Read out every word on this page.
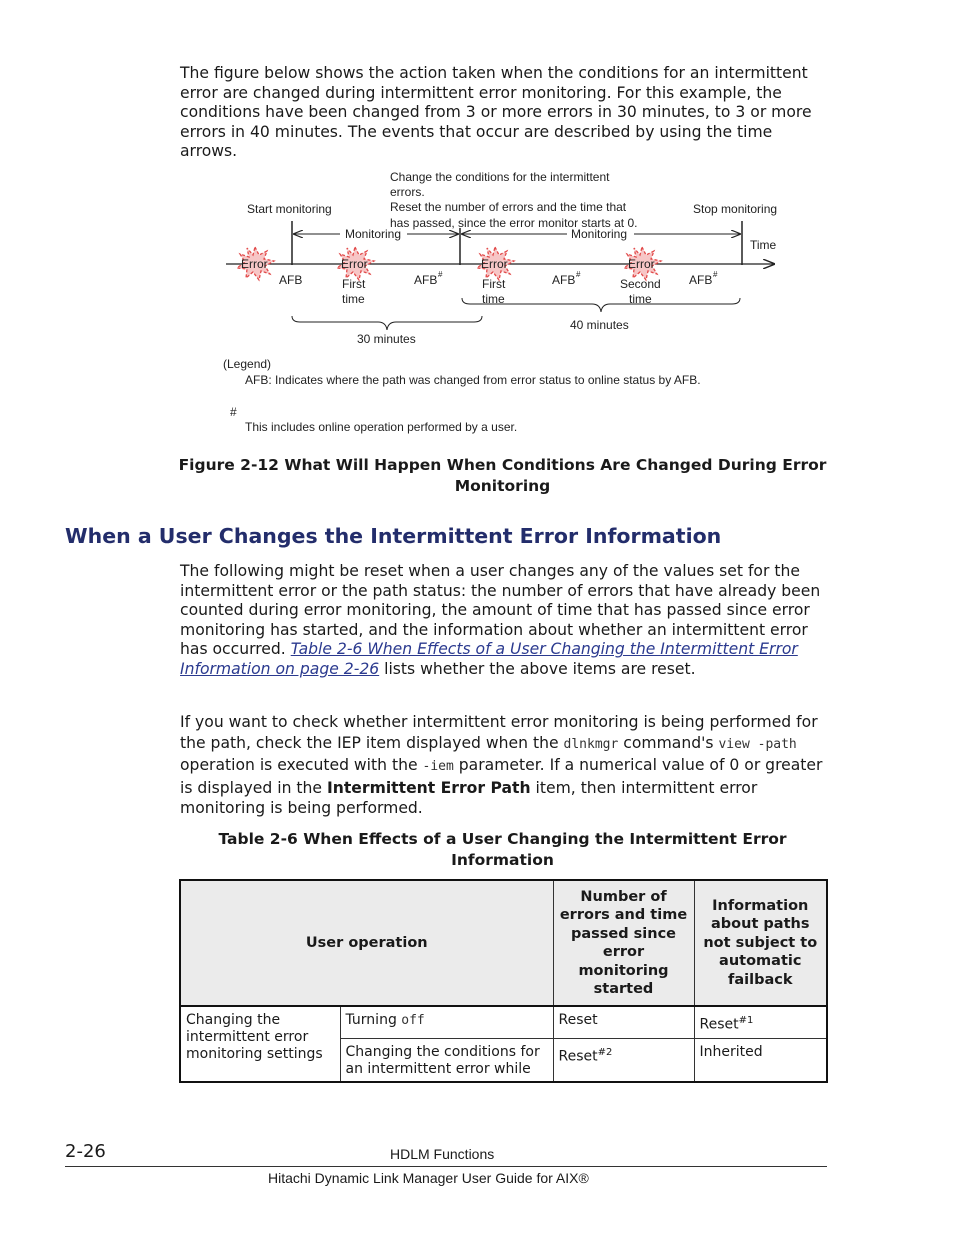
The figure below shows the action taken when the conditions for an intermittent error are changed during intermittent error monitoring. For this example, the conditions have been changed from 3 or more errors in 30 minutes, to 3 or more errors in 40 minutes. The events that occur are described by using the time arrows.

Change the conditions for the intermittent
errors.
Reset the number of errors and the time that
has passed, since the error monitor starts at 0.
Start monitoring	Stop monitoring
Monitoring	Monitoring
Time
Error	Error	Error	Error
AFB	AFB #	AFB #	AFB #
First
time
First
time
Second
time
30 minutes
40 minutes
(Legend)
AFB: Indicates where the path was changed from error status to online status by AFB.
#
This includes online operation performed by a user.

Figure 2-12 What Will Happen When Conditions Are Changed During Error Monitoring

When a User Changes the Intermittent Error Information

The following might be reset when a user changes any of the values set for the intermittent error or the path status: the number of errors that have already been counted during error monitoring, the amount of time that has passed since error monitoring has started, and the information about whether an intermittent error has occurred. Table 2-6 When Effects of a User Changing the Intermittent Error Information on page 2-26 lists whether the above items are reset.

If you want to check whether intermittent error monitoring is being performed for the path, check the IEP item displayed when the dlnkmgr command's view -path operation is executed with the -iem parameter. If a numerical value of 0 or greater is displayed in the Intermittent Error Path item, then intermittent error monitoring is being performed.

Table 2-6 When Effects of a User Changing the Intermittent Error Information

User operation		Number of errors and time passed since error monitoring started	Information about paths not subject to automatic failback
Changing the intermittent error monitoring settings	Turning off	Reset	Reset$^{\#1}$
	Changing the conditions for an intermittent error while	Reset$^{\#2}$	Inherited
2-26	HDLM Functions
Hitachi Dynamic Link Manager User Guide for AIX®
